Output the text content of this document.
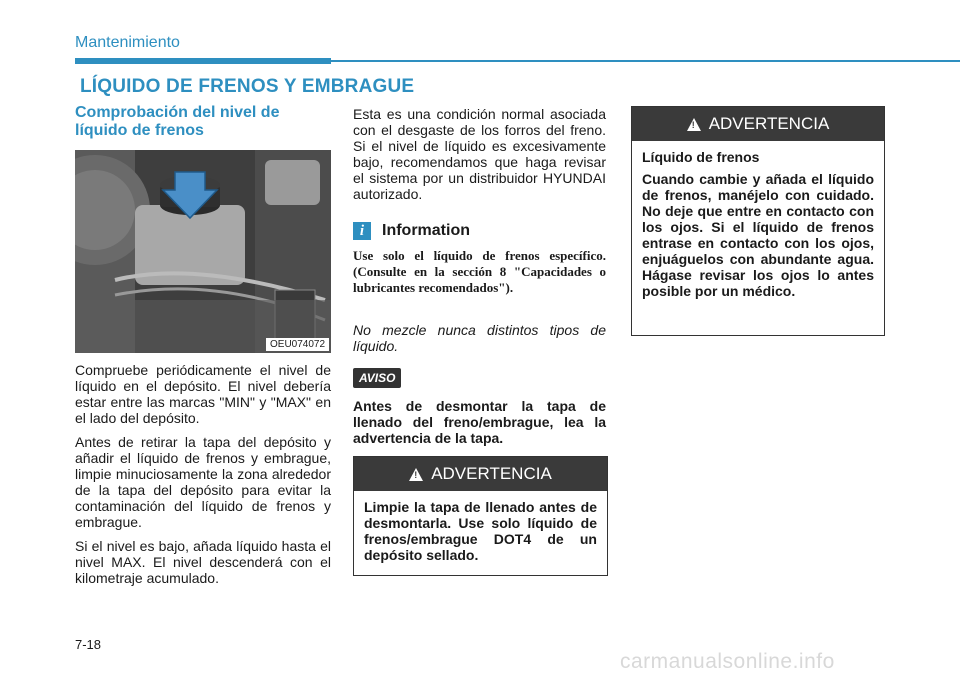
Mantenimiento
LÍQUIDO DE FRENOS Y EMBRAGUE
Comprobación del nivel de líquido de frenos
OEU074072

Compruebe periódicamente el nivel de líquido en el depósito. El nivel debería estar entre las marcas "MIN" y "MAX" en el lado del depósito.

Antes de retirar la tapa del depósito y añadir el líquido de frenos y embrague, limpie minuciosamente la zona alrededor de la tapa del depósito para evitar la contaminación del líquido de frenos y embrague.

Si el nivel es bajo, añada líquido hasta el nivel MAX. El nivel descenderá con el kilometraje acumulado.

Esta es una condición normal asociada con el desgaste de los forros del freno. Si el nivel de líquido es excesivamente bajo, recomendamos que haga revisar el sistema por un distribuidor HYUNDAI autorizado.
i	Information
Use solo el líquido de frenos específico. (Consulte en la sección 8 "Capacidades o lubricantes recomendados").
No mezcle nunca distintos tipos de líquido.
AVISO
Antes de desmontar la tapa de llenado del freno/embrague, lea la advertencia de la tapa.
!
ADVERTENCIA

Limpie la tapa de llenado antes de desmontarla. Use solo líquido de frenos/embrague DOT4 de un depósito sellado.

!
ADVERTENCIA

Líquido de frenos

Cuando cambie y añada el líquido de frenos, manéjelo con cuidado. No deje que entre en contacto con los ojos. Si el líquido de frenos entrase en contacto con los ojos, enjuáguelos con abundante agua. Hágase revisar los ojos lo antes posible por un médico.

7-18
carmanualsonline.info
